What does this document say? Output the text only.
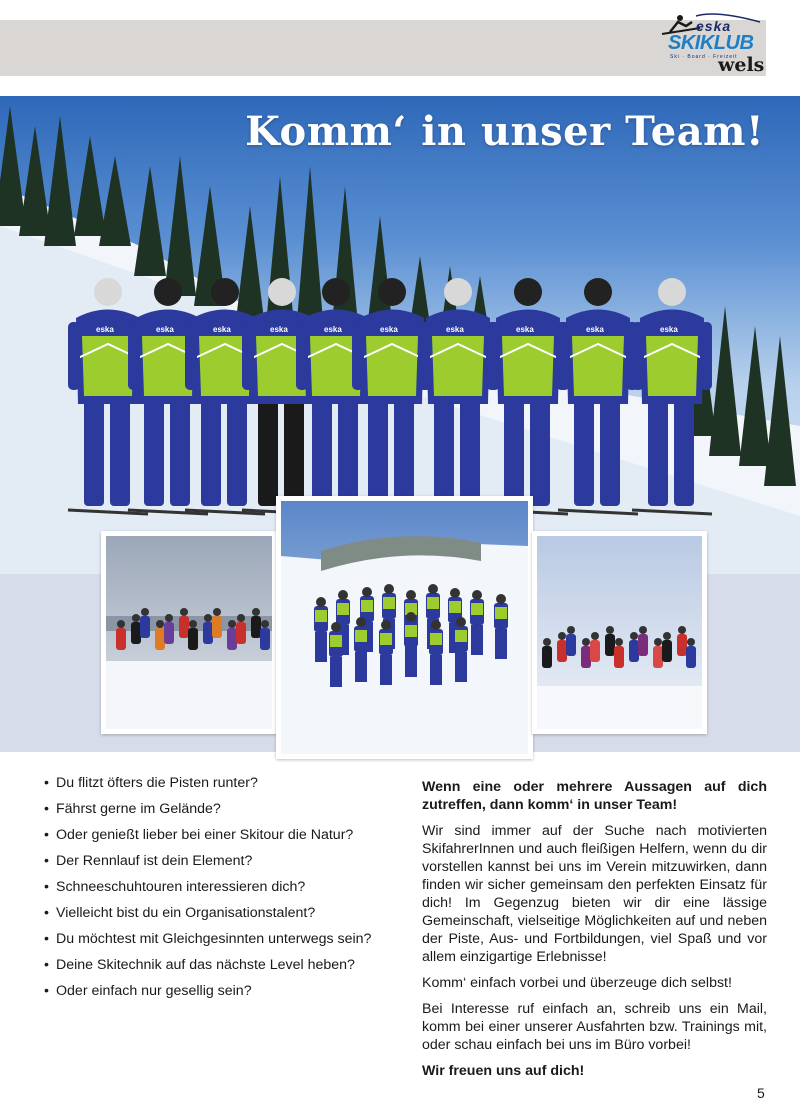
eska
SKIKLUB
Ski · Board · Freizeit
wels
eska	eska	eska	eska	eska	eska	eska	eska	eska	eska
Komm‘ in unser Team!
• Du flitzt öfters die Pisten runter?
• Fährst gerne im Gelände?
• Oder genießt lieber bei einer Skitour die Natur?
• Der Rennlauf ist dein Element?
• Schneeschuhtouren interessieren dich?
• Vielleicht bist du ein Organisationstalent?
• Du möchtest mit Gleichgesinnten unterwegs sein?
• Deine Skitechnik auf das nächste Level heben?
• Oder einfach nur gesellig sein?

Wenn eine oder mehrere Aussagen auf dich zutreffen, dann komm‘ in unser Team!

Wir sind immer auf der Suche nach motivierten SkifahrerInnen und auch fleißigen Helfern, wenn du dir vorstellen kannst bei uns im Verein mitzuwirken, dann finden wir sicher gemeinsam den perfekten Einsatz für dich! Im Gegenzug bieten wir dir eine lässige Gemeinschaft, vielseitige Möglichkeiten auf und neben der Piste, Aus- und Fortbildungen, viel Spaß und vor allem einzigartige Erlebnisse!

Komm‘ einfach vorbei und überzeuge dich selbst!

Bei Interesse ruf einfach an, schreib uns ein Mail, komm bei einer unserer Ausfahrten bzw. Trainings mit, oder schau einfach bei uns im Büro vorbei!

Wir freuen uns auf dich!

5
